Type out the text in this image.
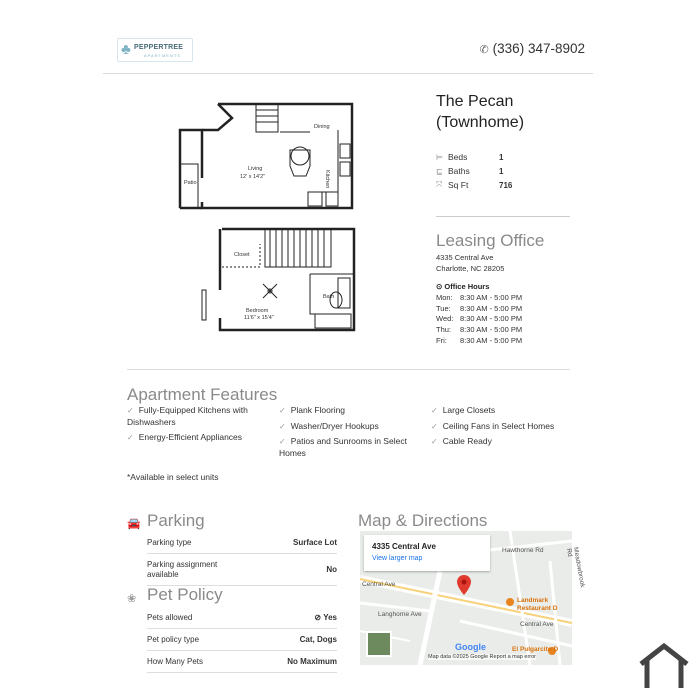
♣ PEPPERTREE
APARTMENTS	✆ (336) 347-8902
Dining
Living
12' x 14'2"	Kitchen
Patio
Closet
Bath
Bedroom
11'6" x 15'4"
The Pecan
(Townhome)
⊨ Beds	1
⊑ Baths	1
⤧ Sq Ft	716
Leasing Office
4335 Central Ave
Charlotte, NC 28205
⊙ Office Hours
Mon: 8:30 AM - 5:00 PM
Tue: 8:30 AM - 5:00 PM
Wed: 8:30 AM - 5:00 PM
Thu: 8:30 AM - 5:00 PM
Fri: 8:30 AM - 5:00 PM
Apartment Features
✓ Fully-Equipped Kitchens with Dishwashers
✓ Energy-Efficient Appliances
✓ Plank Flooring
✓ Washer/Dryer Hookups
✓ Patios and Sunrooms in Select Homes
✓ Large Closets
✓ Ceiling Fans in Select Homes
✓ Cable Ready
*Available in select units
🚘 Parking
Parking type	Surface Lot
Parking assignment available	No
❀ Pet Policy
Pets allowed	⊘ Yes
Pet policy type	Cat, Dogs
How Many Pets	No Maximum
Map & Directions
4335 Central Ave
View larger map
Hawthorne Rd	Meadowbrook Rd
Central Ave
Langhorne Ave
Landmark Restaurant D
El Pulgarcito D
Central Ave
Google
Map data ©2025 Google Report a map error
